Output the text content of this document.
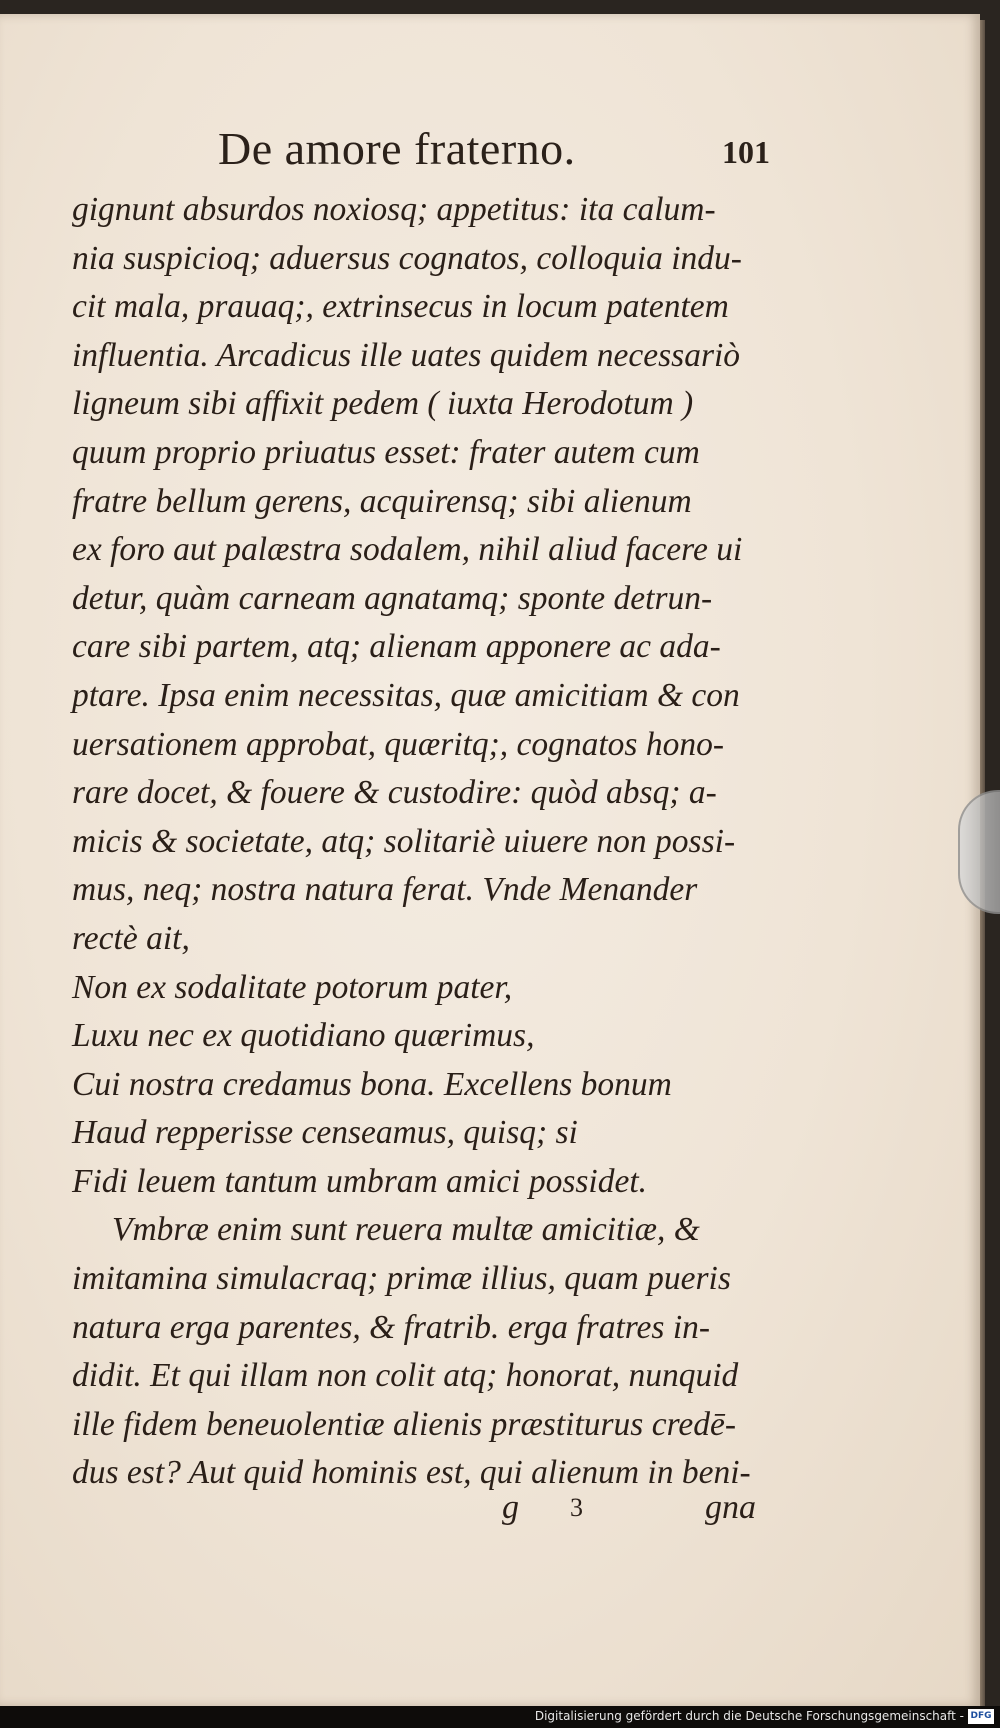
De amore fraterno.	101
gignunt absurdos noxiosq; appetitus: ita calum-
nia suspicioq; aduersus cognatos, colloquia indu-
cit mala, prauaq;, extrinsecus in locum patentem
influentia. Arcadicus ille uates quidem necessariò
ligneum sibi affixit pedem ( iuxta Herodotum )
quum proprio priuatus esset: frater autem cum
fratre bellum gerens, acquirensq; sibi alienum
ex foro aut palæstra sodalem, nihil aliud facere ui
detur, quàm carneam agnatamq; sponte detrun-
care sibi partem, atq; alienam apponere ac ada-
ptare. Ipsa enim necessitas, quæ amicitiam & con
uersationem approbat, quæritq;, cognatos hono-
rare docet, & fouere & custodire: quòd absq; a-
micis & societate, atq; solitariè uiuere non possi-
mus, neq; nostra natura ferat. Vnde Menander
rectè ait,
Non ex sodalitate potorum pater,
Luxu nec ex quotidiano quærimus,
Cui nostra credamus bona. Excellens bonum
Haud repperisse censeamus, quisq; si
Fidi leuem tantum umbram amici possidet.
Vmbræ enim sunt reuera multæ amicitiæ, &
imitamina simulacraq; primæ illius, quam pueris
natura erga parentes, & fratrib. erga fratres in-
didit. Et qui illam non colit atq; honorat, nunquid
ille fidem beneuolentiæ alienis præstiturus credē-
dus est? Aut quid hominis est, qui alienum in beni-
g 3	gna
Digitalisierung gefördert durch die Deutsche Forschungsgemeinschaft - DFG
